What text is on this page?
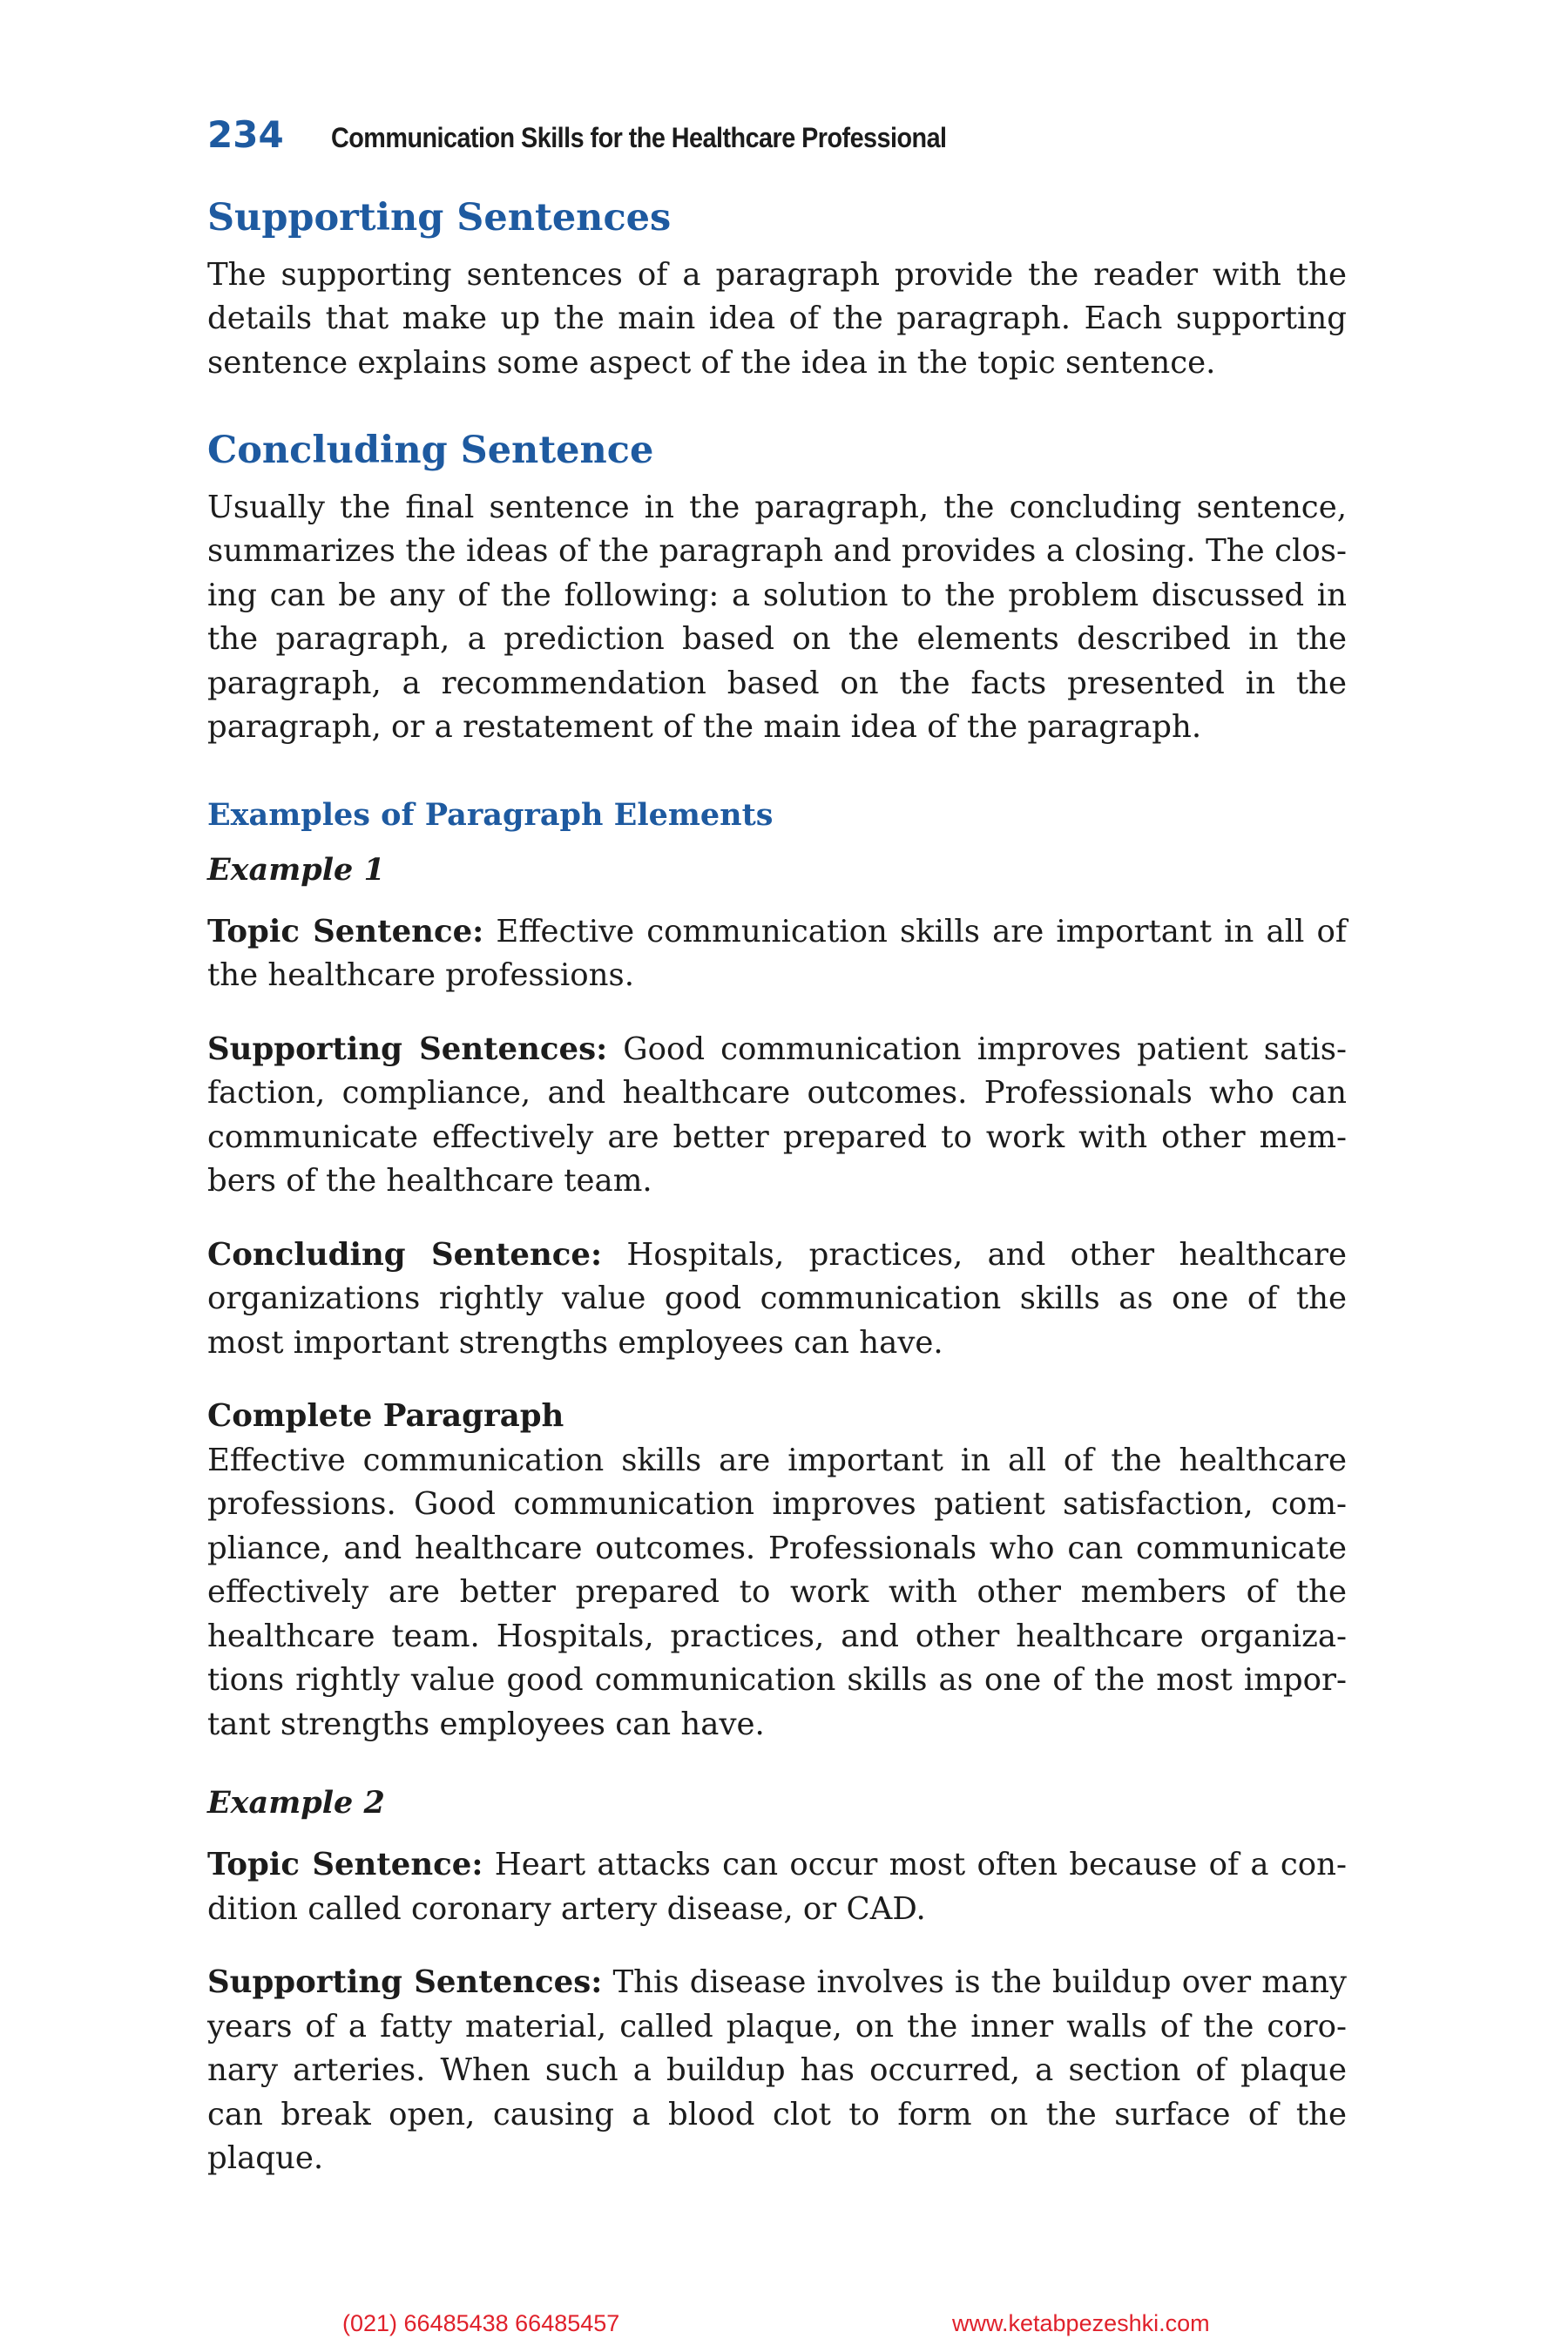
234 Communication Skills for the Healthcare Professional
Supporting Sentences

The supporting sentences of a paragraph provide the reader with the details that make up the main idea of the paragraph. Each supporting sentence explains some aspect of the idea in the topic sentence.

Concluding Sentence

Usually the final sentence in the paragraph, the concluding sentence, summarizes the ideas of the paragraph and provides a closing. The closing can be any of the following: a solution to the problem discussed in the paragraph, a prediction based on the elements described in the paragraph, a recommendation based on the facts presented in the paragraph, or a restatement of the main idea of the paragraph.

Examples of Paragraph Elements
Example 1

Topic Sentence: Effective communication skills are important in all of the healthcare professions.

Supporting Sentences: Good communication improves patient satisfaction, compliance, and healthcare outcomes. Professionals who can communicate effectively are better prepared to work with other members of the healthcare team.

Concluding Sentence: Hospitals, practices, and other healthcare organizations rightly value good communication skills as one of the most important strengths employees can have.

Complete Paragraph

Effective communication skills are important in all of the healthcare professions. Good communication improves patient satisfaction, compliance, and healthcare outcomes. Professionals who can communicate effectively are better prepared to work with other members of the healthcare team. Hospitals, practices, and other healthcare organizations rightly value good communication skills as one of the most important strengths employees can have.

Example 2

Topic Sentence: Heart attacks can occur most often because of a condition called coronary artery disease, or CAD.

Supporting Sentences: This disease involves is the buildup over many years of a fatty material, called plaque, on the inner walls of the coronary arteries. When such a buildup has occurred, a section of plaque can break open, causing a blood clot to form on the surface of the plaque.

(021) 66485438 66485457	www.ketabpezeshki.com
